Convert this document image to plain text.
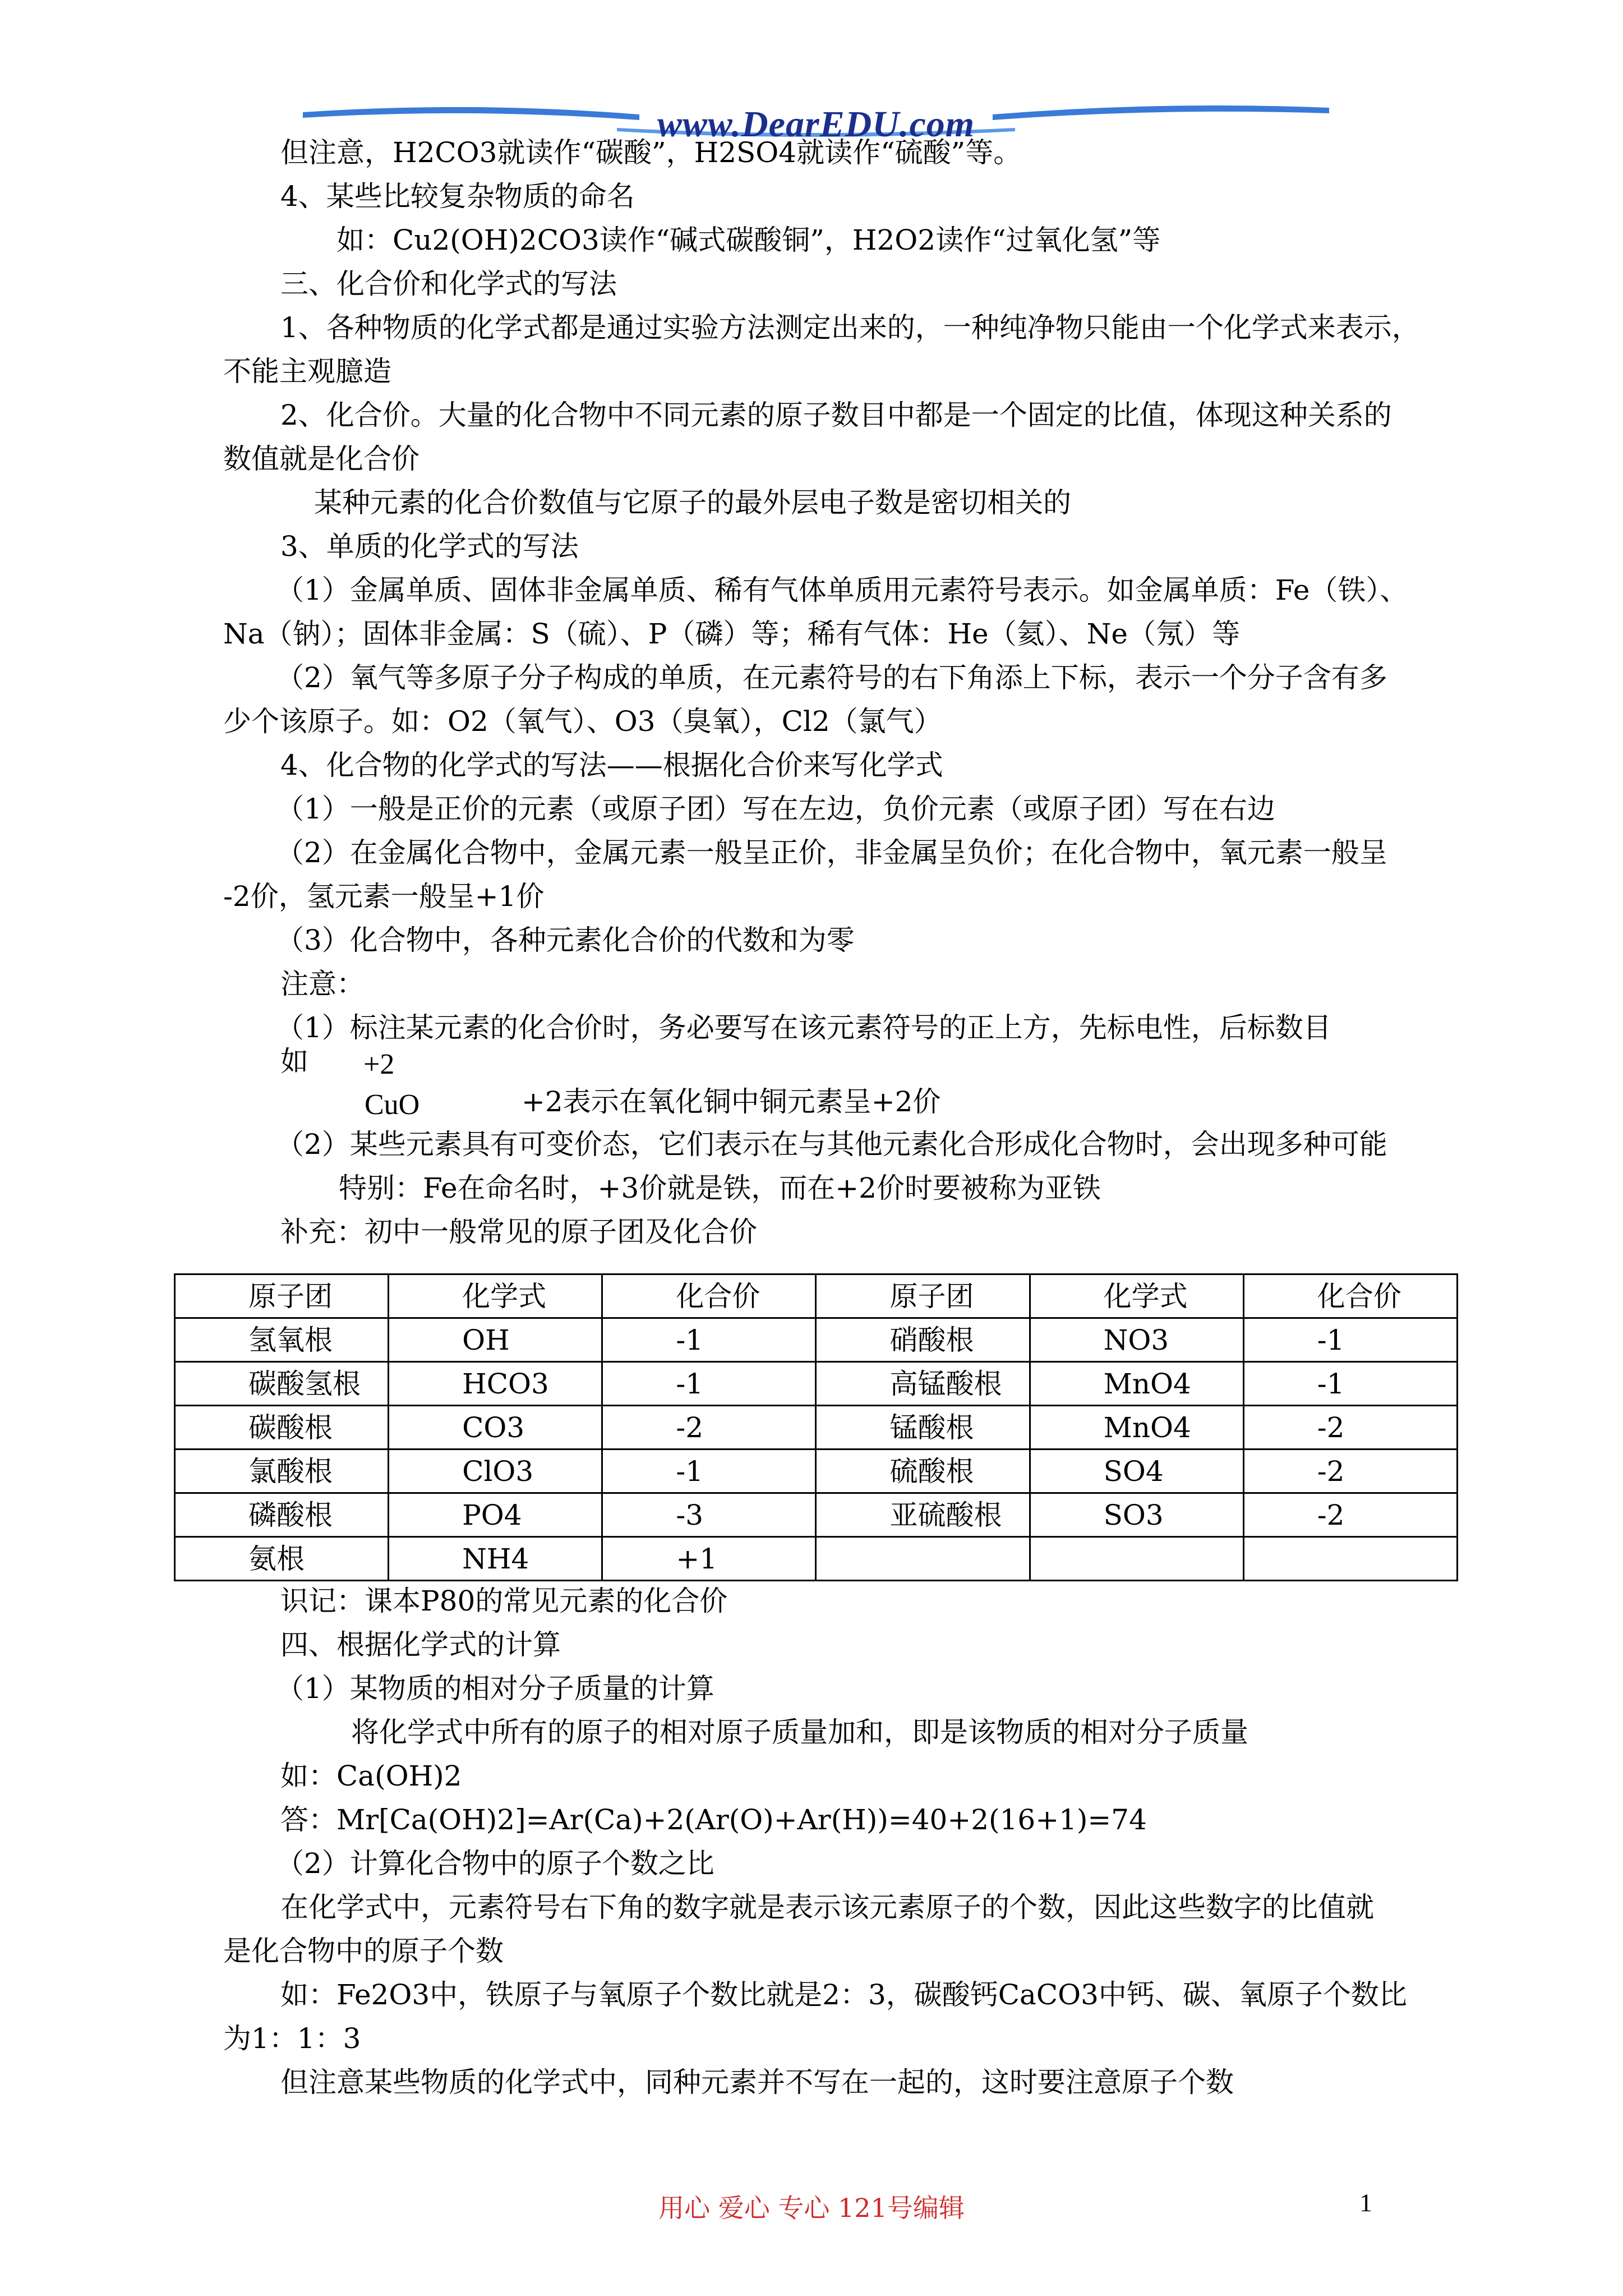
www.DearEDU.com
但注意，H2CO3就读作“碳酸”，H2SO4就读作“硫酸”等。
4、某些比较复杂物质的命名
如：Cu2(OH)2CO3读作“碱式碳酸铜”，H2O2读作“过氧化氢”等
三、化合价和化学式的写法
1、各种物质的化学式都是通过实验方法测定出来的，一种纯净物只能由一个化学式来表示，
不能主观臆造
2、化合价。大量的化合物中不同元素的原子数目中都是一个固定的比值，体现这种关系的
数值就是化合价
某种元素的化合价数值与它原子的最外层电子数是密切相关的
3、单质的化学式的写法
（1）金属单质、固体非金属单质、稀有气体单质用元素符号表示。如金属单质：Fe（铁）、
Na（钠）；固体非金属：S（硫）、P（磷）等；稀有气体：He（氦）、Ne（氖）等
（2）氧气等多原子分子构成的单质，在元素符号的右下角添上下标，表示一个分子含有多
少个该原子。如：O2（氧气）、O3（臭氧），Cl2（氯气）
4、化合物的化学式的写法——根据化合价来写化学式
（1）一般是正价的元素（或原子团）写在左边，负价元素（或原子团）写在右边
（2）在金属化合物中，金属元素一般呈正价，非金属呈负价；在化合物中，氧元素一般呈
-2价，氢元素一般呈+1价
（3）化合物中，各种元素化合价的代数和为零
注意：
（1）标注某元素的化合价时，务必要写在该元素符号的正上方，先标电性，后标数目
如 +2
CuO	+2表示在氧化铜中铜元素呈+2价
（2）某些元素具有可变价态，它们表示在与其他元素化合形成化合物时，会出现多种可能
特别：Fe在命名时，+3价就是铁，而在+2价时要被称为亚铁
补充：初中一般常见的原子团及化合价
原子团	化学式	化合价	原子团	化学式	化合价
氢氧根	OH	-1	硝酸根	NO3	-1
碳酸氢根	HCO3	-1	高锰酸根	MnO4	-1
碳酸根	CO3	-2	锰酸根	MnO4	-2
氯酸根	ClO3	-1	硫酸根	SO4	-2
磷酸根	PO4	-3	亚硫酸根	SO3	-2
氨根	NH4	+1			
识记：课本P80的常见元素的化合价
四、根据化学式的计算
（1）某物质的相对分子质量的计算
将化学式中所有的原子的相对原子质量加和，即是该物质的相对分子质量
如：Ca(OH)2
答：Mr[Ca(OH)2]=Ar(Ca)+2(Ar(O)+Ar(H))=40+2(16+1)=74
（2）计算化合物中的原子个数之比
在化学式中，元素符号右下角的数字就是表示该元素原子的个数，因此这些数字的比值就
是化合物中的原子个数
如：Fe2O3中，铁原子与氧原子个数比就是2：3，碳酸钙CaCO3中钙、碳、氧原子个数比
为1：1：3
但注意某些物质的化学式中，同种元素并不写在一起的，这时要注意原子个数
用心 爱心 专心 121号编辑	1
